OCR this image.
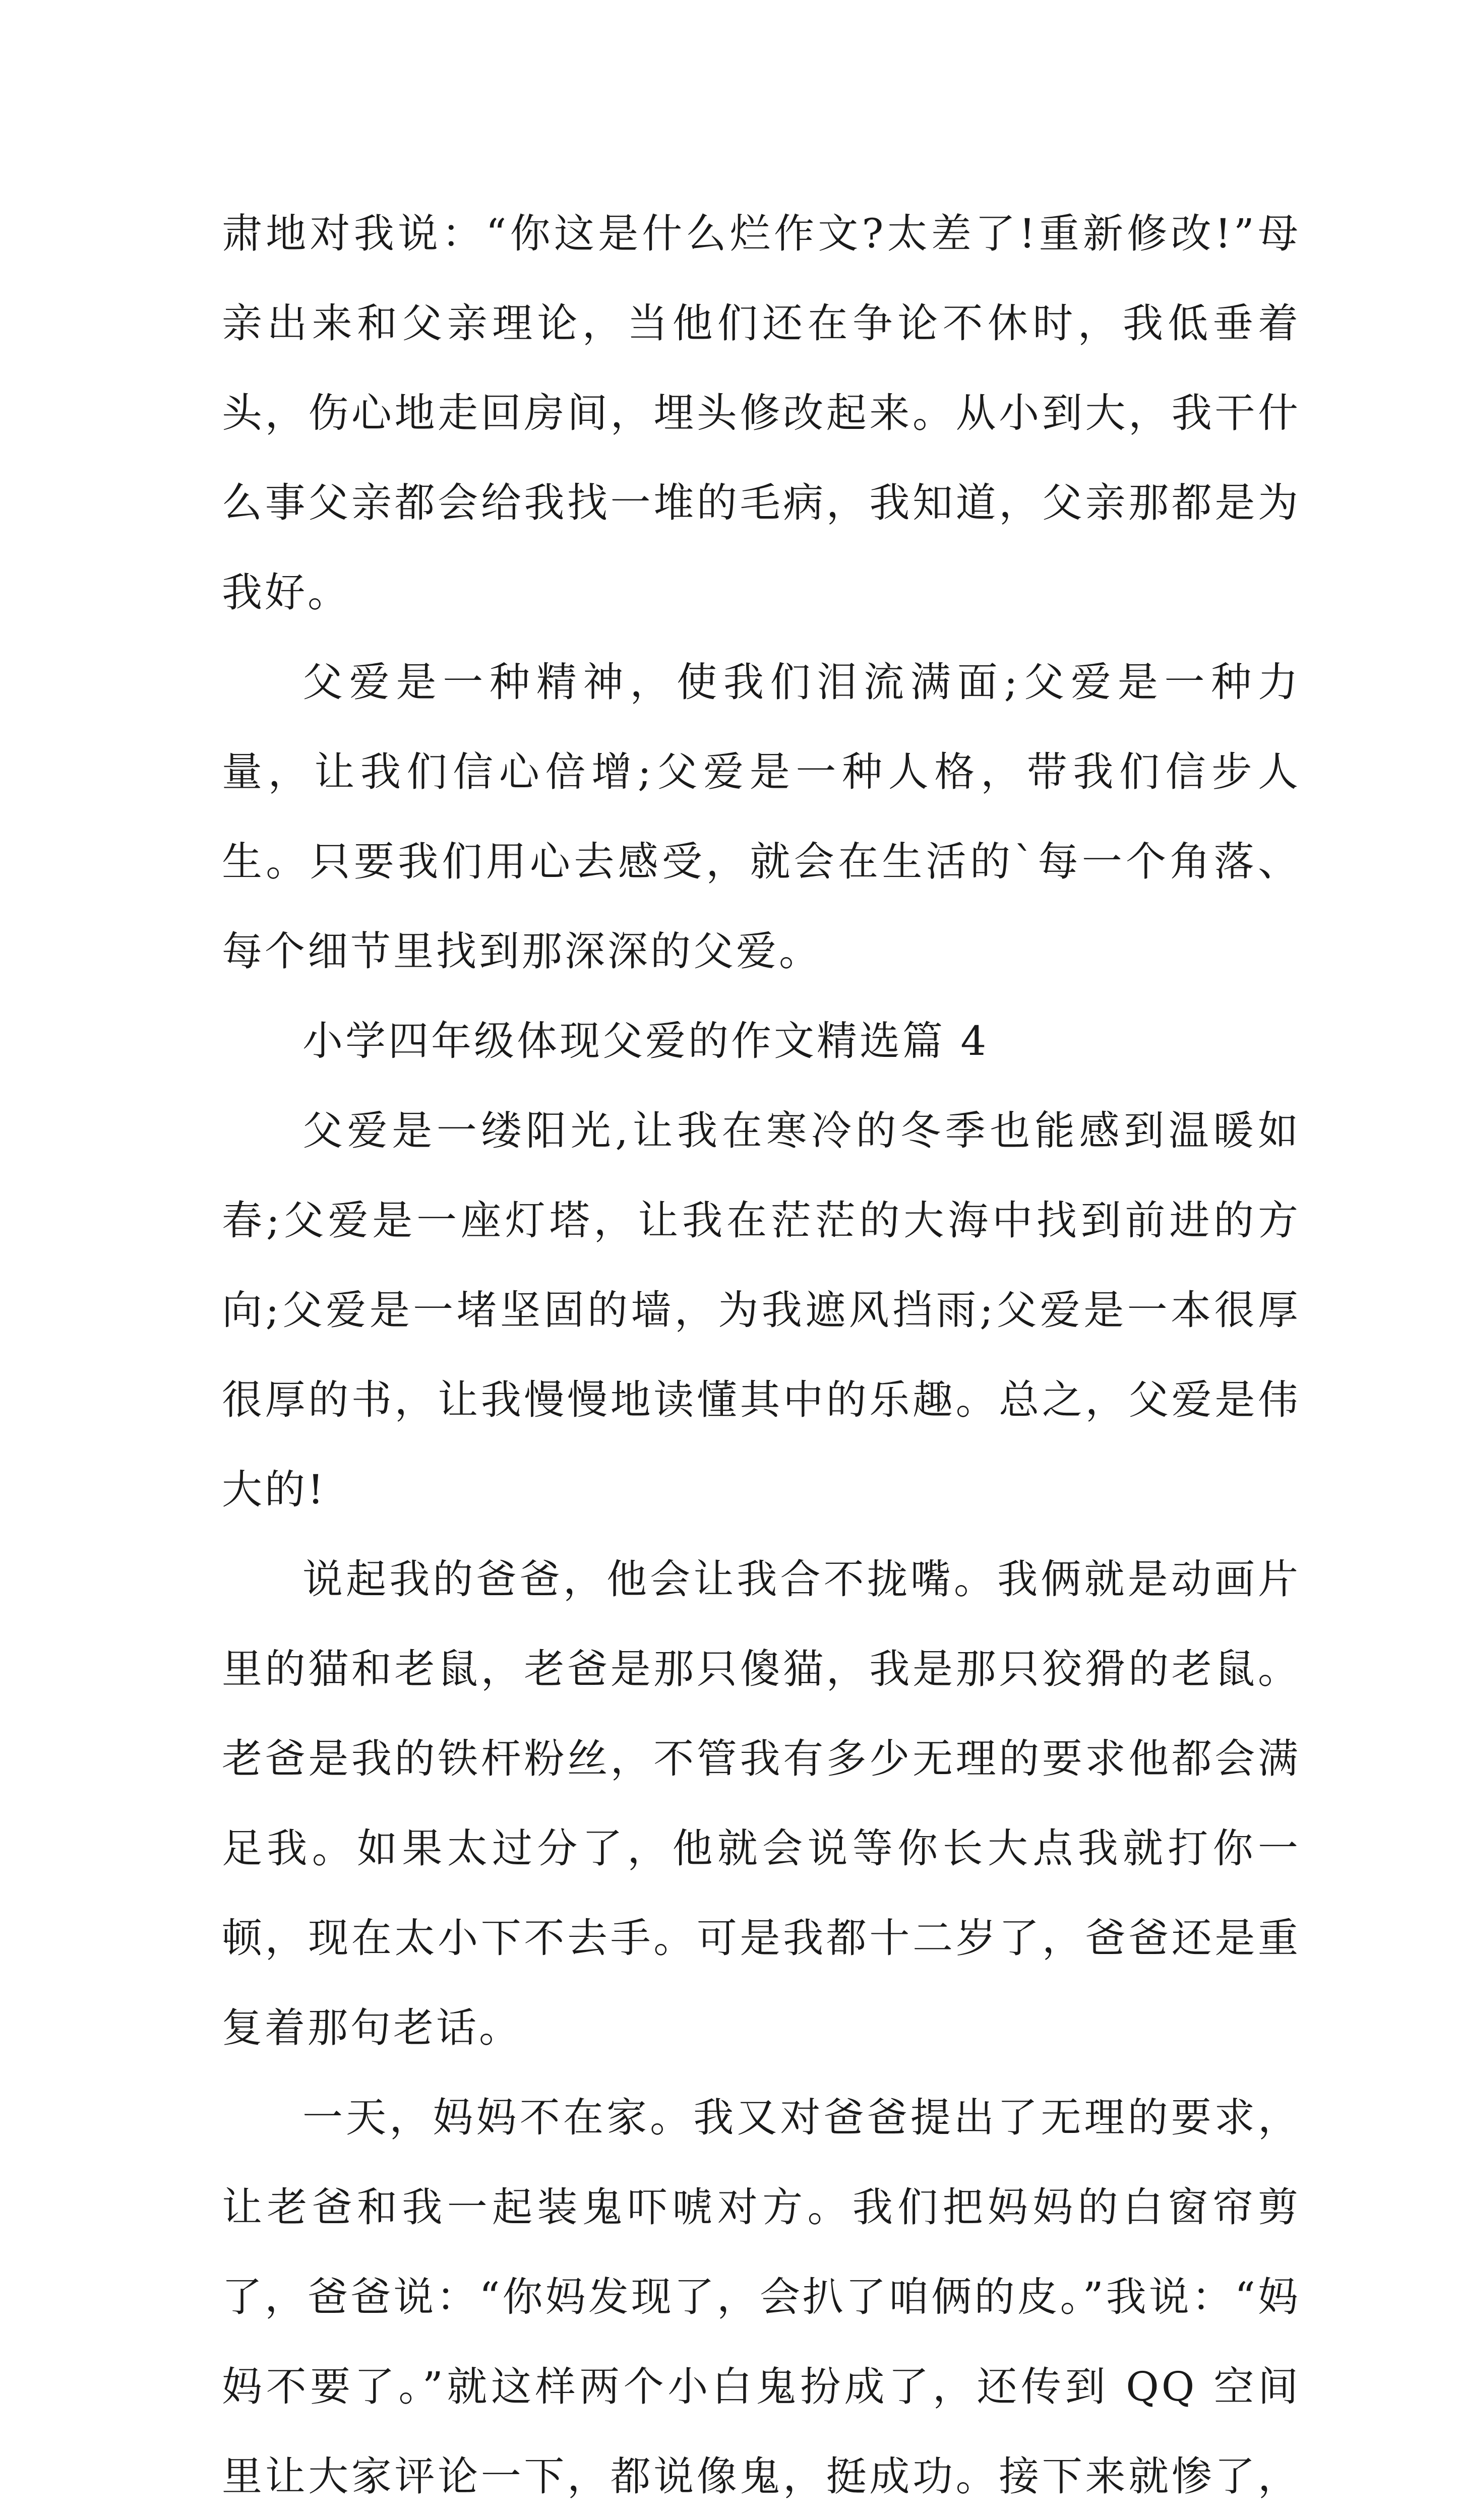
肃地对我说：“你这是什么烂作文?太差了!重新修改!”母亲出来和父亲理论，当他们还在争论不休时，我低垂着头，伤心地走回房间，埋头修改起来。从小到大，我干什么事父亲都会给我找一堆的毛病，我知道，父亲那都是为我好。

父爱是一种精神，使我们泪流满面;父爱是一种力量，让我们信心倍增;父爱是一种人格，带我们信步人生。只要我们用心去感受，就会在生活的`每一个角落、每个细节里找到那深深的父爱。

小学四年级体现父爱的作文精选篇 4

父爱是一缕阳光,让我在寒冷的冬季也能感到温暖如春;父爱是一座灯塔，让我在茫茫的大海中找到前进的方向;父爱是一堵坚固的墙，为我遮风挡雨;父爱是一本很厚很厚的书，让我慢慢地读懂其中的乐趣。总之，父爱是伟大的!

说起我的爸爸，他会让我合不拢嘴。我俩就是动画片里的猫和老鼠，老爸是那只傻猫，我是那只狡猾的老鼠。老爸是我的铁杆粉丝，不管我有多少无理的要求他都会满足我。如果太过分了，他就会说等你长大点我就打你一顿，现在太小下不去手。可是我都十二岁了，爸爸还是重复着那句老话。

一天，妈妈不在家。我又对爸爸提出了无理的要求，让老爸和我一起装鬼吓唬对方。我们把妈妈的白窗帘剪了，爸爸说：“你妈发现了，会扒了咱俩的皮。”我说：“妈妈不要了。”就这样两个小白鬼扮成了，还传到 QQ 空间里让大家评论一下，都说像鬼，挺成功。接下来就惨了，
